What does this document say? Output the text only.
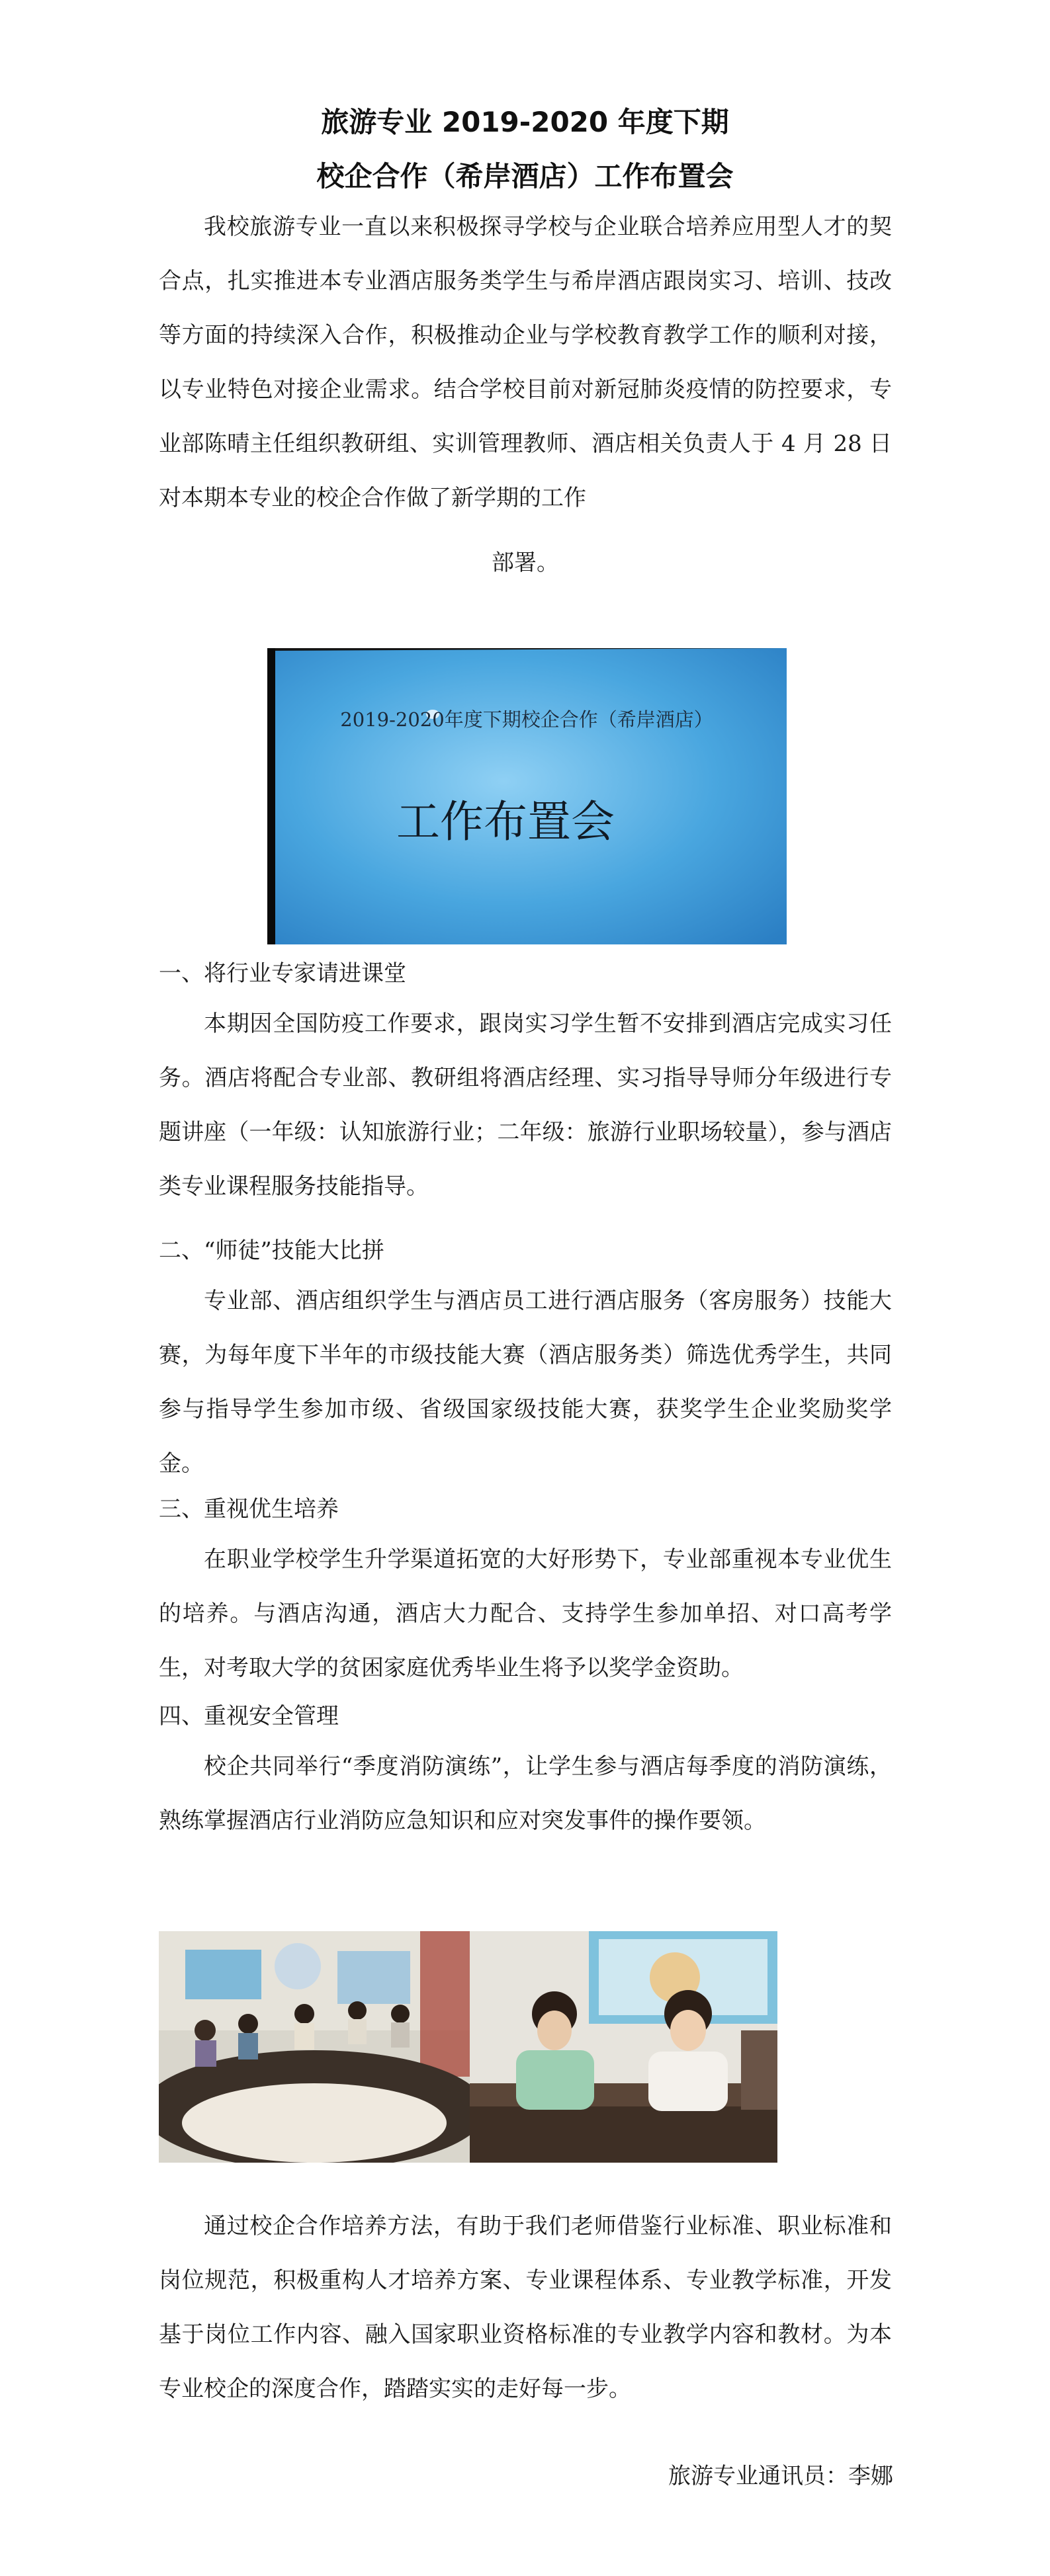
旅游专业 2019-2020 年度下期
校企合作（希岸酒店）工作布置会
我校旅游专业一直以来积极探寻学校与企业联合培养应用型人才的契合点，扎实推进本专业酒店服务类学生与希岸酒店跟岗实习、培训、技改等方面的持续深入合作，积极推动企业与学校教育教学工作的顺利对接，以专业特色对接企业需求。结合学校目前对新冠肺炎疫情的防控要求，专业部陈晴主任组织教研组、实训管理教师、酒店相关负责人于 4 月 28 日对本期本专业的校企合作做了新学期的工作
部署。
2019-2020年度下期校企合作（希岸酒店）
工作布置会
一、将行业专家请进课堂
本期因全国防疫工作要求，跟岗实习学生暂不安排到酒店完成实习任务。酒店将配合专业部、教研组将酒店经理、实习指导导师分年级进行专题讲座（一年级：认知旅游行业；二年级：旅游行业职场较量），参与酒店类专业课程服务技能指导。
二、“师徒”技能大比拼
专业部、酒店组织学生与酒店员工进行酒店服务（客房服务）技能大赛，为每年度下半年的市级技能大赛（酒店服务类）筛选优秀学生，共同参与指导学生参加市级、省级国家级技能大赛，获奖学生企业奖励奖学金。
三、重视优生培养
在职业学校学生升学渠道拓宽的大好形势下，专业部重视本专业优生的培养。与酒店沟通，酒店大力配合、支持学生参加单招、对口高考学生，对考取大学的贫困家庭优秀毕业生将予以奖学金资助。
四、重视安全管理
校企共同举行“季度消防演练”，让学生参与酒店每季度的消防演练，熟练掌握酒店行业消防应急知识和应对突发事件的操作要领。
通过校企合作培养方法，有助于我们老师借鉴行业标准、职业标准和岗位规范，积极重构人才培养方案、专业课程体系、专业教学标准，开发基于岗位工作内容、融入国家职业资格标准的专业教学内容和教材。为本专业校企的深度合作，踏踏实实的走好每一步。
旅游专业通讯员：李娜
